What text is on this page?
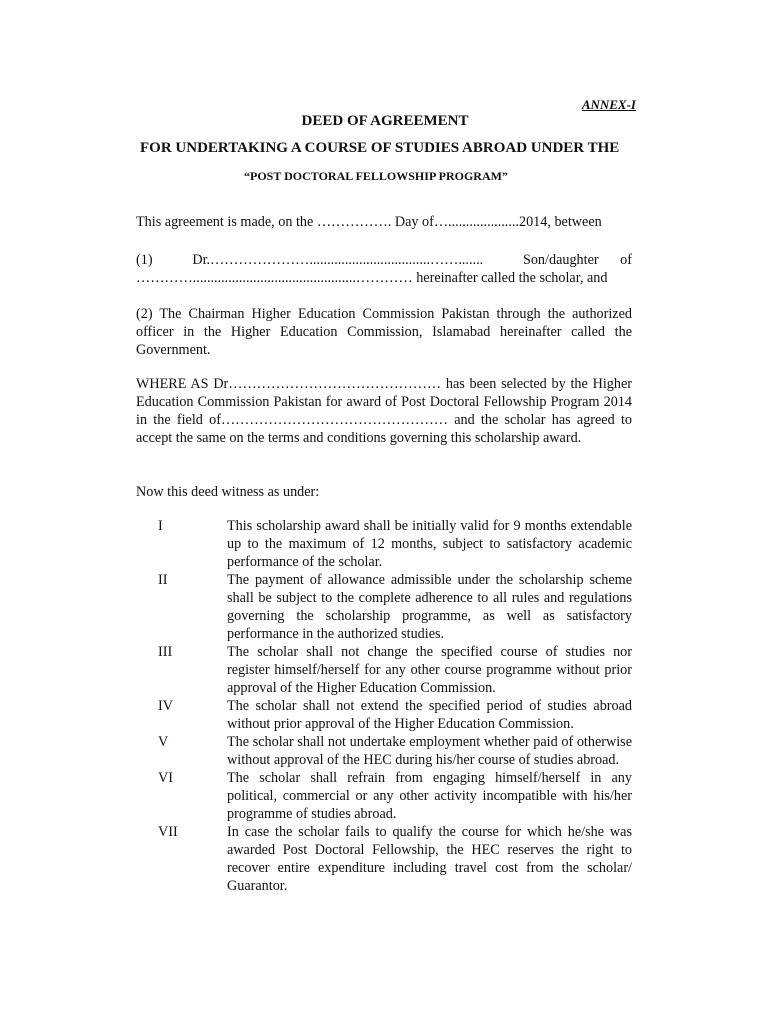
ANNEX-I
DEED OF AGREEMENT
FOR UNDERTAKING A COURSE OF STUDIES ABROAD UNDER THE
“POST DOCTORAL FELLOWSHIP PROGRAM”
This agreement is made, on the ……………. Day of…....................2014, between
(1)	Dr.…………………..................................…….......	Son/daughter of
…………..............................................………… hereinafter called the scholar, and
(2) The Chairman Higher Education Commission Pakistan through the authorized officer in the Higher Education Commission, Islamabad hereinafter called the Government.
WHERE AS Dr……………………………………… has been selected by the Higher Education Commission Pakistan for award of Post Doctoral Fellowship Program 2014 in the field of………………………………………… and the scholar has agreed to accept the same on the terms and conditions governing this scholarship award.
Now this deed witness as under:
I	This scholarship award shall be initially valid for 9 months extendable up to the maximum of 12 months, subject to satisfactory academic performance of the scholar.
II	The payment of allowance admissible under the scholarship scheme shall be subject to the complete adherence to all rules and regulations governing the scholarship programme, as well as satisfactory performance in the authorized studies.
III	The scholar shall not change the specified course of studies nor register himself/herself for any other course programme without prior approval of the Higher Education Commission.
IV	The scholar shall not extend the specified period of studies abroad without prior approval of the Higher Education Commission.
V	The scholar shall not undertake employment whether paid of otherwise without approval of the HEC during his/her course of studies abroad.
VI	The scholar shall refrain from engaging himself/herself in any political, commercial or any other activity incompatible with his/her programme of studies abroad.
VII	In case the scholar fails to qualify the course for which he/she was awarded Post Doctoral Fellowship, the HEC reserves the right to recover entire expenditure including travel cost from the scholar/ Guarantor.
